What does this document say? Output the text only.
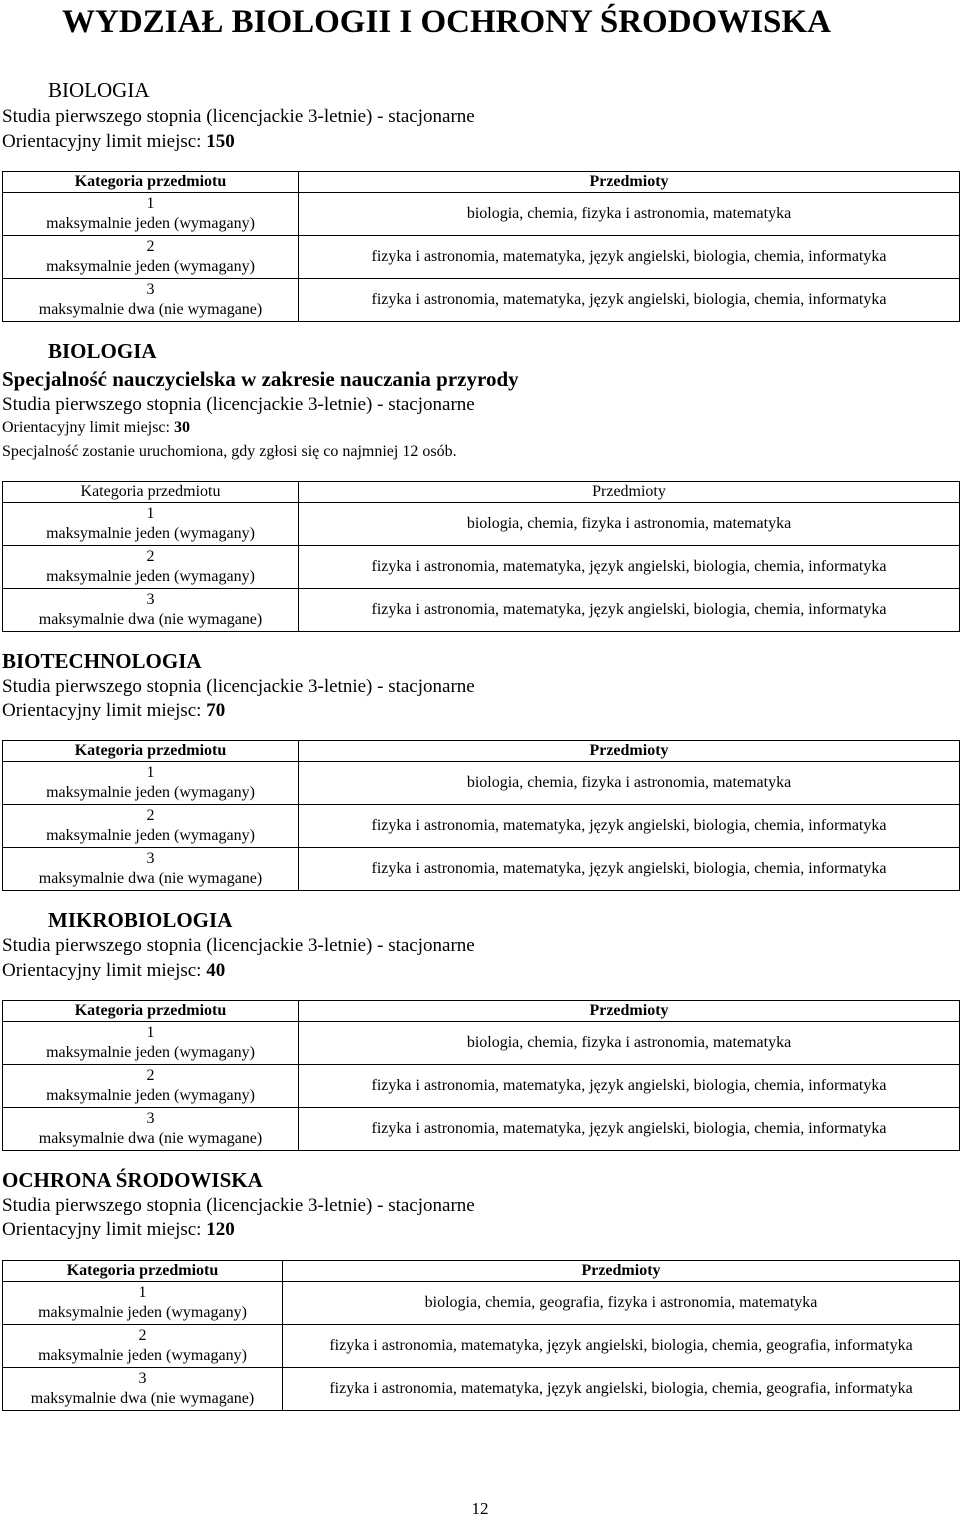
WYDZIAŁ BIOLOGII I OCHRONY ŚRODOWISKA
BIOLOGIA
Studia pierwszego stopnia (licencjackie 3-letnie) - stacjonarne
Orientacyjny limit miejsc: 150
Kategoria przedmiotu	Przedmioty

1
maksymalnie jeden (wymagany)	biologia, chemia, fizyka i astronomia, matematyka

2
maksymalnie jeden (wymagany)	fizyka i astronomia, matematyka, język angielski, biologia, chemia, informatyka

3
maksymalnie dwa (nie wymagane)	fizyka i astronomia, matematyka, język angielski, biologia, chemia, informatyka
BIOLOGIA
Specjalność nauczycielska w zakresie nauczania przyrody
Studia pierwszego stopnia (licencjackie 3-letnie) - stacjonarne
Orientacyjny limit miejsc: 30
Specjalność zostanie uruchomiona, gdy zgłosi się co najmniej 12 osób.
Kategoria przedmiotu	Przedmioty

1
maksymalnie jeden (wymagany)	biologia, chemia, fizyka i astronomia, matematyka

2
maksymalnie jeden (wymagany)	fizyka i astronomia, matematyka, język angielski, biologia, chemia, informatyka

3
maksymalnie dwa (nie wymagane)	fizyka i astronomia, matematyka, język angielski, biologia, chemia, informatyka
BIOTECHNOLOGIA
Studia pierwszego stopnia (licencjackie 3-letnie) - stacjonarne
Orientacyjny limit miejsc: 70
Kategoria przedmiotu	Przedmioty

1
maksymalnie jeden (wymagany)	biologia, chemia, fizyka i astronomia, matematyka

2
maksymalnie jeden (wymagany)	fizyka i astronomia, matematyka, język angielski, biologia, chemia, informatyka

3
maksymalnie dwa (nie wymagane)	fizyka i astronomia, matematyka, język angielski, biologia, chemia, informatyka
MIKROBIOLOGIA
Studia pierwszego stopnia (licencjackie 3-letnie) - stacjonarne
Orientacyjny limit miejsc: 40
Kategoria przedmiotu	Przedmioty

1
maksymalnie jeden (wymagany)	biologia, chemia, fizyka i astronomia, matematyka

2
maksymalnie jeden (wymagany)	fizyka i astronomia, matematyka, język angielski, biologia, chemia, informatyka

3
maksymalnie dwa (nie wymagane)	fizyka i astronomia, matematyka, język angielski, biologia, chemia, informatyka
OCHRONA ŚRODOWISKA
Studia pierwszego stopnia (licencjackie 3-letnie) - stacjonarne
Orientacyjny limit miejsc: 120
Kategoria przedmiotu	Przedmioty

1
maksymalnie jeden (wymagany)	biologia, chemia, geografia, fizyka i astronomia, matematyka

2
maksymalnie jeden (wymagany)	fizyka i astronomia, matematyka, język angielski, biologia, chemia, geografia, informatyka

3
maksymalnie dwa (nie wymagane)	fizyka i astronomia, matematyka, język angielski, biologia, chemia, geografia, informatyka
12
